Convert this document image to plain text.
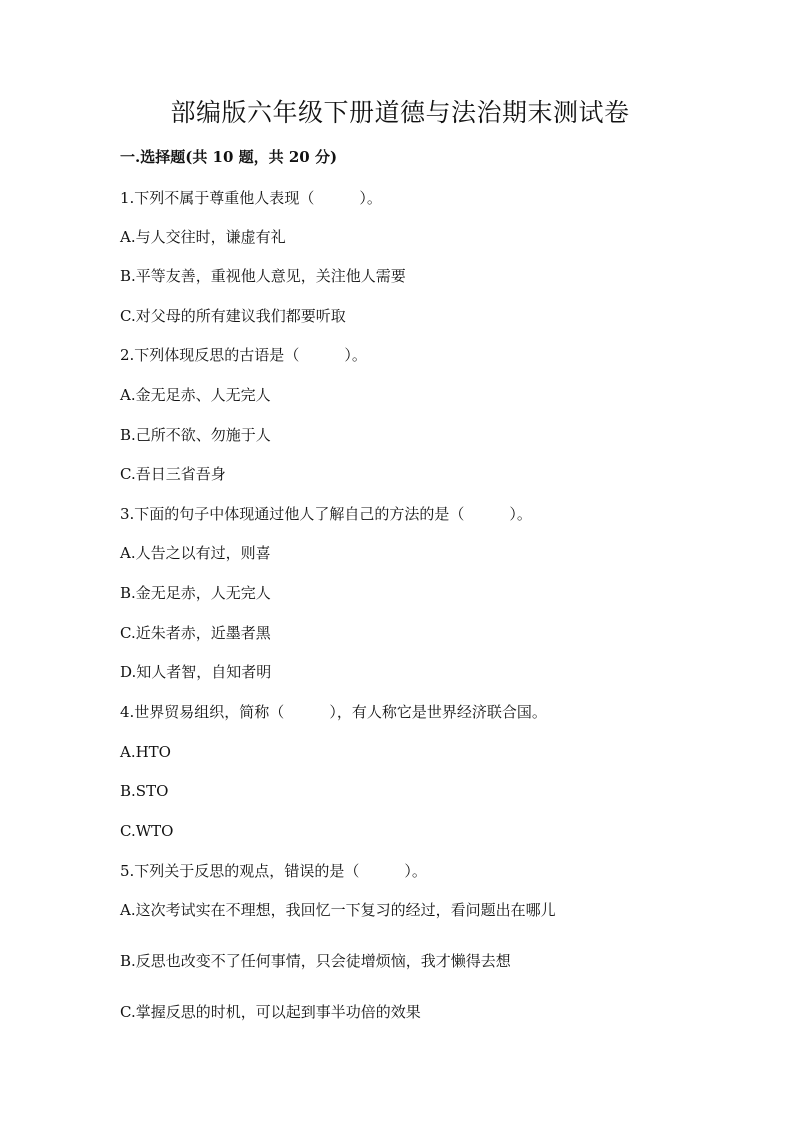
部编版六年级下册道德与法治期末测试卷
一.选择题(共 10 题，共 20 分)
1.下列不属于尊重他人表现（　　　）。
A.与人交往时，谦虚有礼
B.平等友善，重视他人意见，关注他人需要
C.对父母的所有建议我们都要听取
2.下列体现反思的古语是（　　　）。
A.金无足赤、人无完人
B.己所不欲、勿施于人
C.吾日三省吾身
3.下面的句子中体现通过他人了解自己的方法的是（　　　）。
A.人告之以有过，则喜
B.金无足赤，人无完人
C.近朱者赤，近墨者黑
D.知人者智，自知者明
4.世界贸易组织，简称（　　　），有人称它是世界经济联合国。
A.HTO
B.STO
C.WTO
5.下列关于反思的观点，错误的是（　　　）。
A.这次考试实在不理想，我回忆一下复习的经过，看问题出在哪儿
B.反思也改变不了任何事情，只会徒增烦恼，我才懒得去想
C.掌握反思的时机，可以起到事半功倍的效果
